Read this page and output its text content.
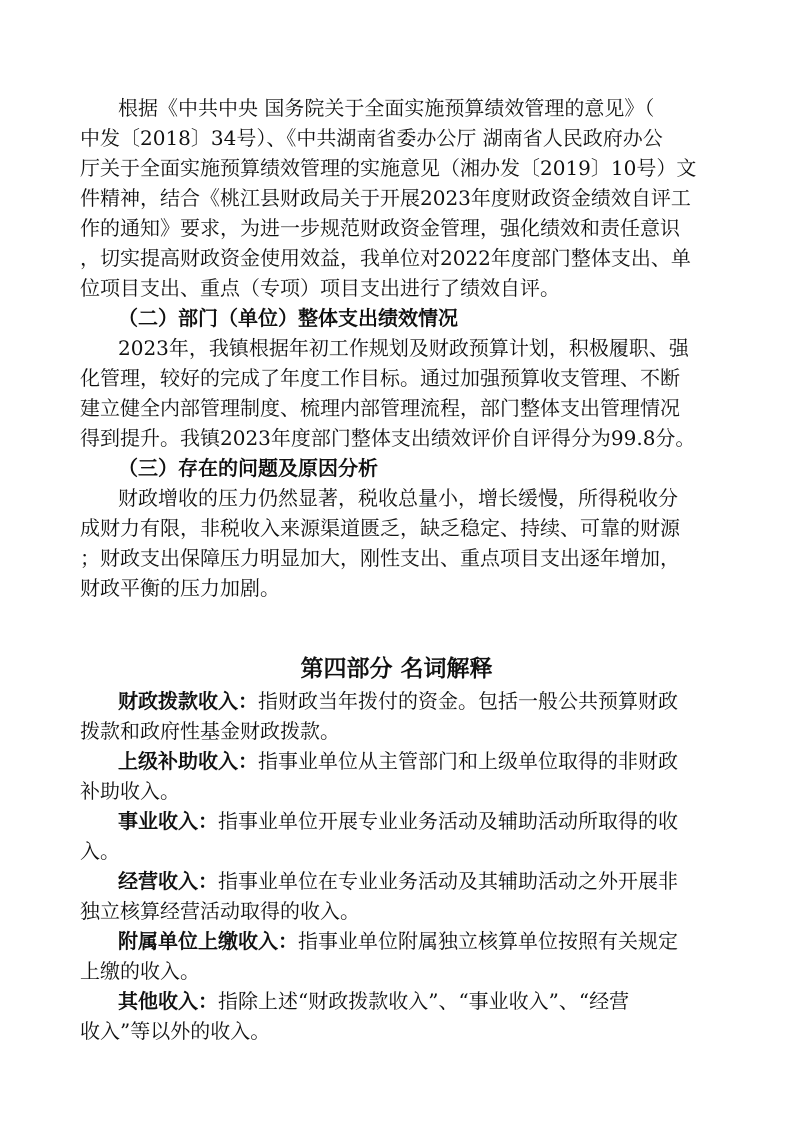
根据《中共中央 国务院关于全面实施预算绩效管理的意见》（
中发〔2018〕34号）、《中共湖南省委办公厅 湖南省人民政府办公
厅关于全面实施预算绩效管理的实施意见（湘办发〔2019〕10号）文
件精神，结合《桃江县财政局关于开展2023年度财政资金绩效自评工
作的通知》要求，为进一步规范财政资金管理，强化绩效和责任意识
，切实提高财政资金使用效益，我单位对2022年度部门整体支出、单
位项目支出、重点（专项）项目支出进行了绩效自评。
（二）部门（单位）整体支出绩效情况
2023年，我镇根据年初工作规划及财政预算计划，积极履职、强
化管理，较好的完成了年度工作目标。通过加强预算收支管理、不断
建立健全内部管理制度、梳理内部管理流程，部门整体支出管理情况
得到提升。我镇2023年度部门整体支出绩效评价自评得分为99.8分。
（三）存在的问题及原因分析
财政增收的压力仍然显著，税收总量小，增长缓慢，所得税收分
成财力有限，非税收入来源渠道匮乏，缺乏稳定、持续、可靠的财源
；财政支出保障压力明显加大，刚性支出、重点项目支出逐年增加，
财政平衡的压力加剧。
第四部分 名词解释
财政拨款收入：指财政当年拨付的资金。包括一般公共预算财政
拨款和政府性基金财政拨款。
上级补助收入：指事业单位从主管部门和上级单位取得的非财政
补助收入。
事业收入：指事业单位开展专业业务活动及辅助活动所取得的收
入。
经营收入：指事业单位在专业业务活动及其辅助活动之外开展非
独立核算经营活动取得的收入。
附属单位上缴收入：指事业单位附属独立核算单位按照有关规定
上缴的收入。
其他收入：指除上述“财政拨款收入”、“事业收入”、“经营
收入”等以外的收入。
